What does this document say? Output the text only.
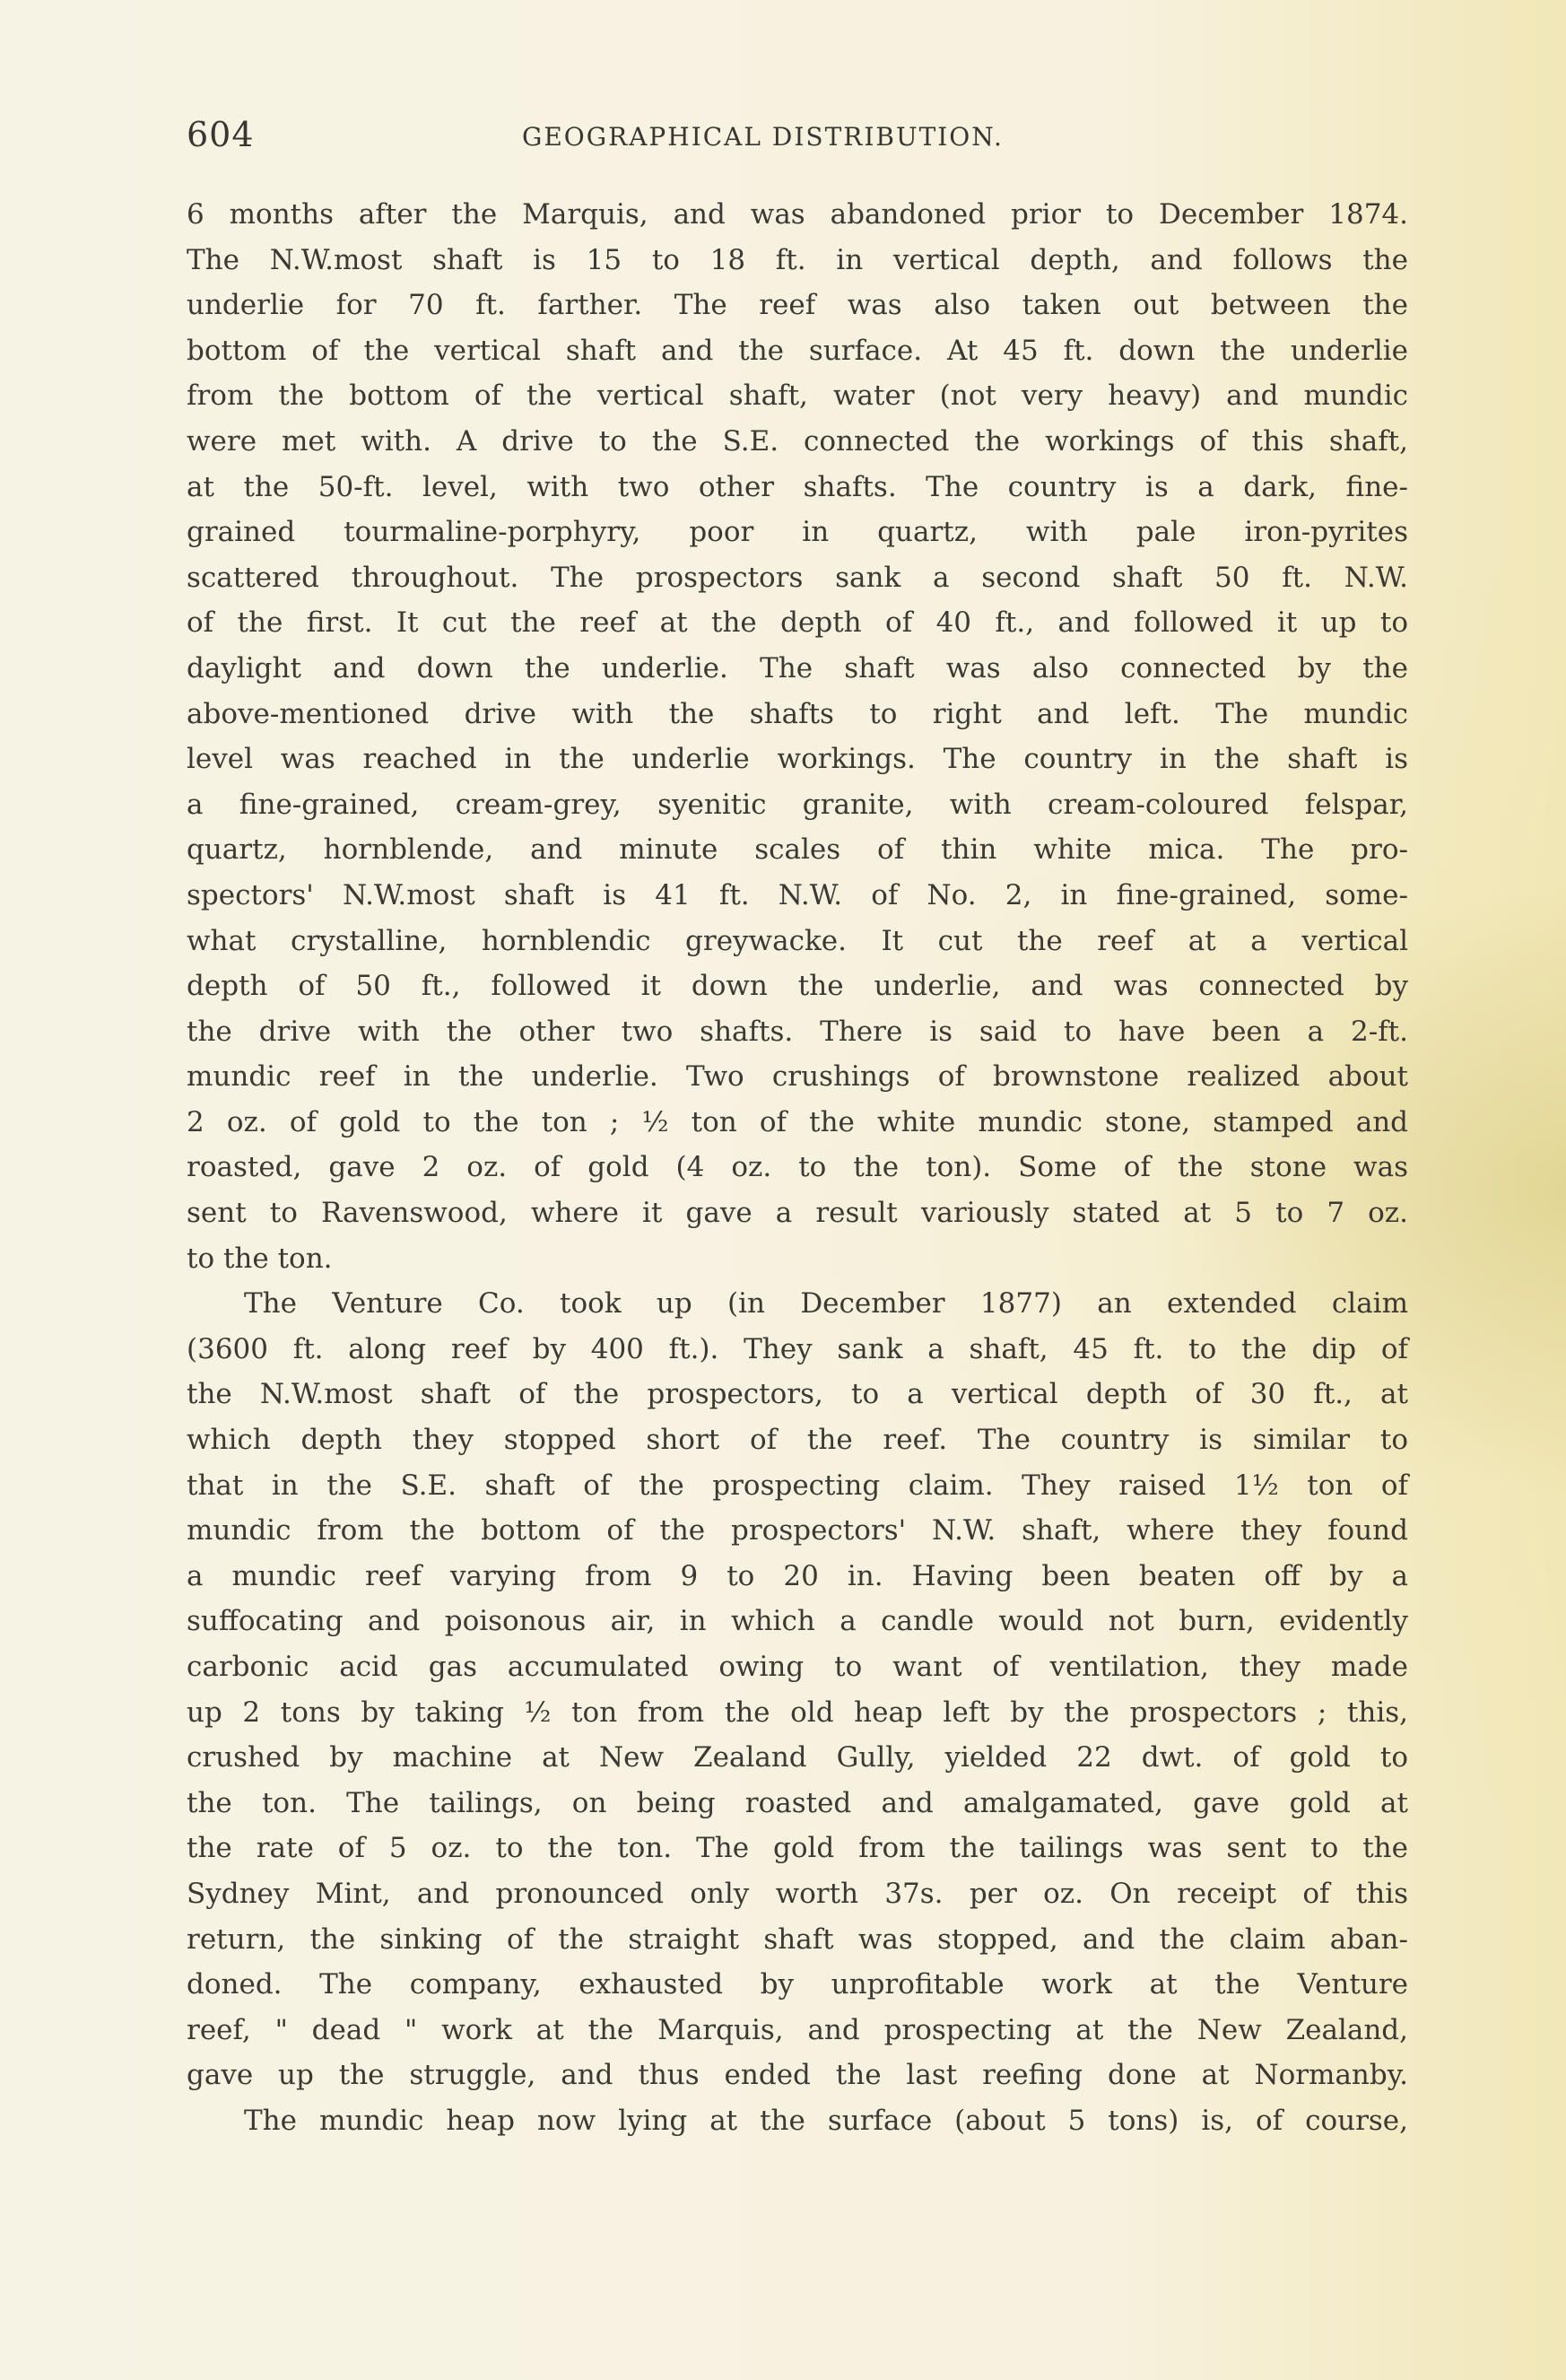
604	GEOGRAPHICAL DISTRIBUTION.
6 months after the Marquis, and was abandoned prior to December 1874.
The N.W.most shaft is 15 to 18 ft. in vertical depth, and follows the
underlie for 70 ft. farther. The reef was also taken out between the
bottom of the vertical shaft and the surface. At 45 ft. down the underlie
from the bottom of the vertical shaft, water (not very heavy) and mundic
were met with. A drive to the S.E. connected the workings of this shaft,
at the 50-ft. level, with two other shafts. The country is a dark, fine-
grained tourmaline-porphyry, poor in quartz, with pale iron-pyrites
scattered throughout. The prospectors sank a second shaft 50 ft. N.W.
of the first. It cut the reef at the depth of 40 ft., and followed it up to
daylight and down the underlie. The shaft was also connected by the
above-mentioned drive with the shafts to right and left. The mundic
level was reached in the underlie workings. The country in the shaft is
a fine-grained, cream-grey, syenitic granite, with cream-coloured felspar,
quartz, hornblende, and minute scales of thin white mica. The pro-
spectors' N.W.most shaft is 41 ft. N.W. of No. 2, in fine-grained, some-
what crystalline, hornblendic greywacke. It cut the reef at a vertical
depth of 50 ft., followed it down the underlie, and was connected by
the drive with the other two shafts. There is said to have been a 2-ft.
mundic reef in the underlie. Two crushings of brownstone realized about
2 oz. of gold to the ton ; ½ ton of the white mundic stone, stamped and
roasted, gave 2 oz. of gold (4 oz. to the ton). Some of the stone was
sent to Ravenswood, where it gave a result variously stated at 5 to 7 oz.
to the ton.
The Venture Co. took up (in December 1877) an extended claim
(3600 ft. along reef by 400 ft.). They sank a shaft, 45 ft. to the dip of
the N.W.most shaft of the prospectors, to a vertical depth of 30 ft., at
which depth they stopped short of the reef. The country is similar to
that in the S.E. shaft of the prospecting claim. They raised 1½ ton of
mundic from the bottom of the prospectors' N.W. shaft, where they found
a mundic reef varying from 9 to 20 in. Having been beaten off by a
suffocating and poisonous air, in which a candle would not burn, evidently
carbonic acid gas accumulated owing to want of ventilation, they made
up 2 tons by taking ½ ton from the old heap left by the prospectors ; this,
crushed by machine at New Zealand Gully, yielded 22 dwt. of gold to
the ton. The tailings, on being roasted and amalgamated, gave gold at
the rate of 5 oz. to the ton. The gold from the tailings was sent to the
Sydney Mint, and pronounced only worth 37s. per oz. On receipt of this
return, the sinking of the straight shaft was stopped, and the claim aban-
doned. The company, exhausted by unprofitable work at the Venture
reef, " dead " work at the Marquis, and prospecting at the New Zealand,
gave up the struggle, and thus ended the last reefing done at Normanby.
The mundic heap now lying at the surface (about 5 tons) is, of course,
